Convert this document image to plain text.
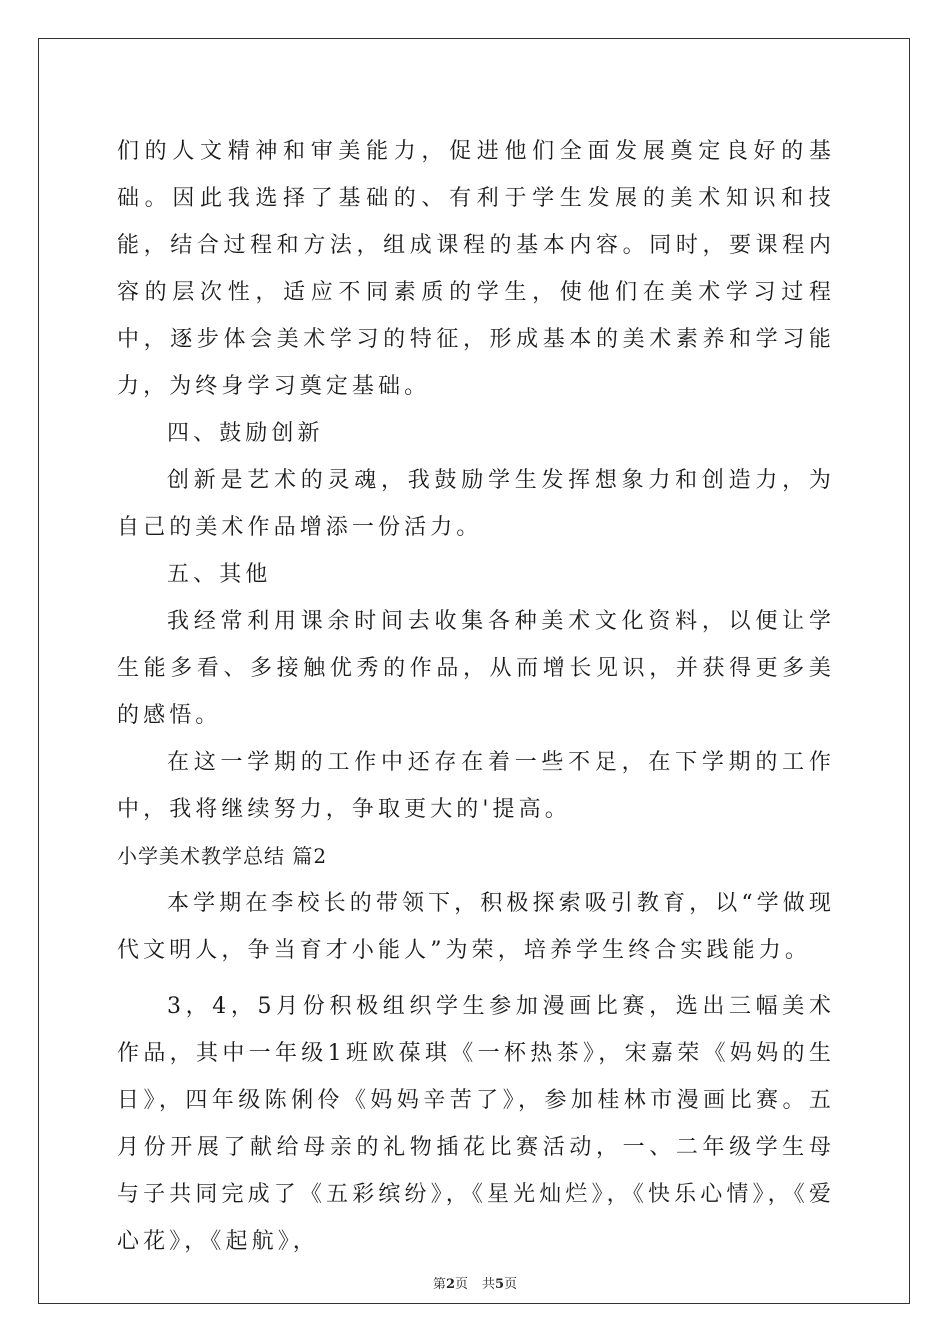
们的人文精神和审美能力，促进他们全面发展奠定良好的基础。因此我选择了基础的、有利于学生发展的美术知识和技能，结合过程和方法，组成课程的基本内容。同时，要课程内容的层次性，适应不同素质的学生，使他们在美术学习过程中，逐步体会美术学习的特征，形成基本的美术素养和学习能力，为终身学习奠定基础。

四、鼓励创新

创新是艺术的灵魂，我鼓励学生发挥想象力和创造力，为自己的美术作品增添一份活力。

五、其他

我经常利用课余时间去收集各种美术文化资料，以便让学生能多看、多接触优秀的作品，从而增长见识，并获得更多美的感悟。

在这一学期的工作中还存在着一些不足，在下学期的工作中，我将继续努力，争取更大的'提高。

小学美术教学总结 篇2

本学期在李校长的带领下，积极探索吸引教育，以“学做现代文明人，争当育才小能人”为荣，培养学生终合实践能力。

3，4，5月份积极组织学生参加漫画比赛，选出三幅美术作品，其中一年级1班欧葆琪《一杯热茶》，宋嘉荣《妈妈的生日》，四年级陈俐伶《妈妈辛苦了》，参加桂林市漫画比赛。五月份开展了献给母亲的礼物插花比赛活动，一、二年级学生母与子共同完成了《五彩缤纷》，《星光灿烂》，《快乐心情》，《爱心花》，《起航》，

第2页 共5页
